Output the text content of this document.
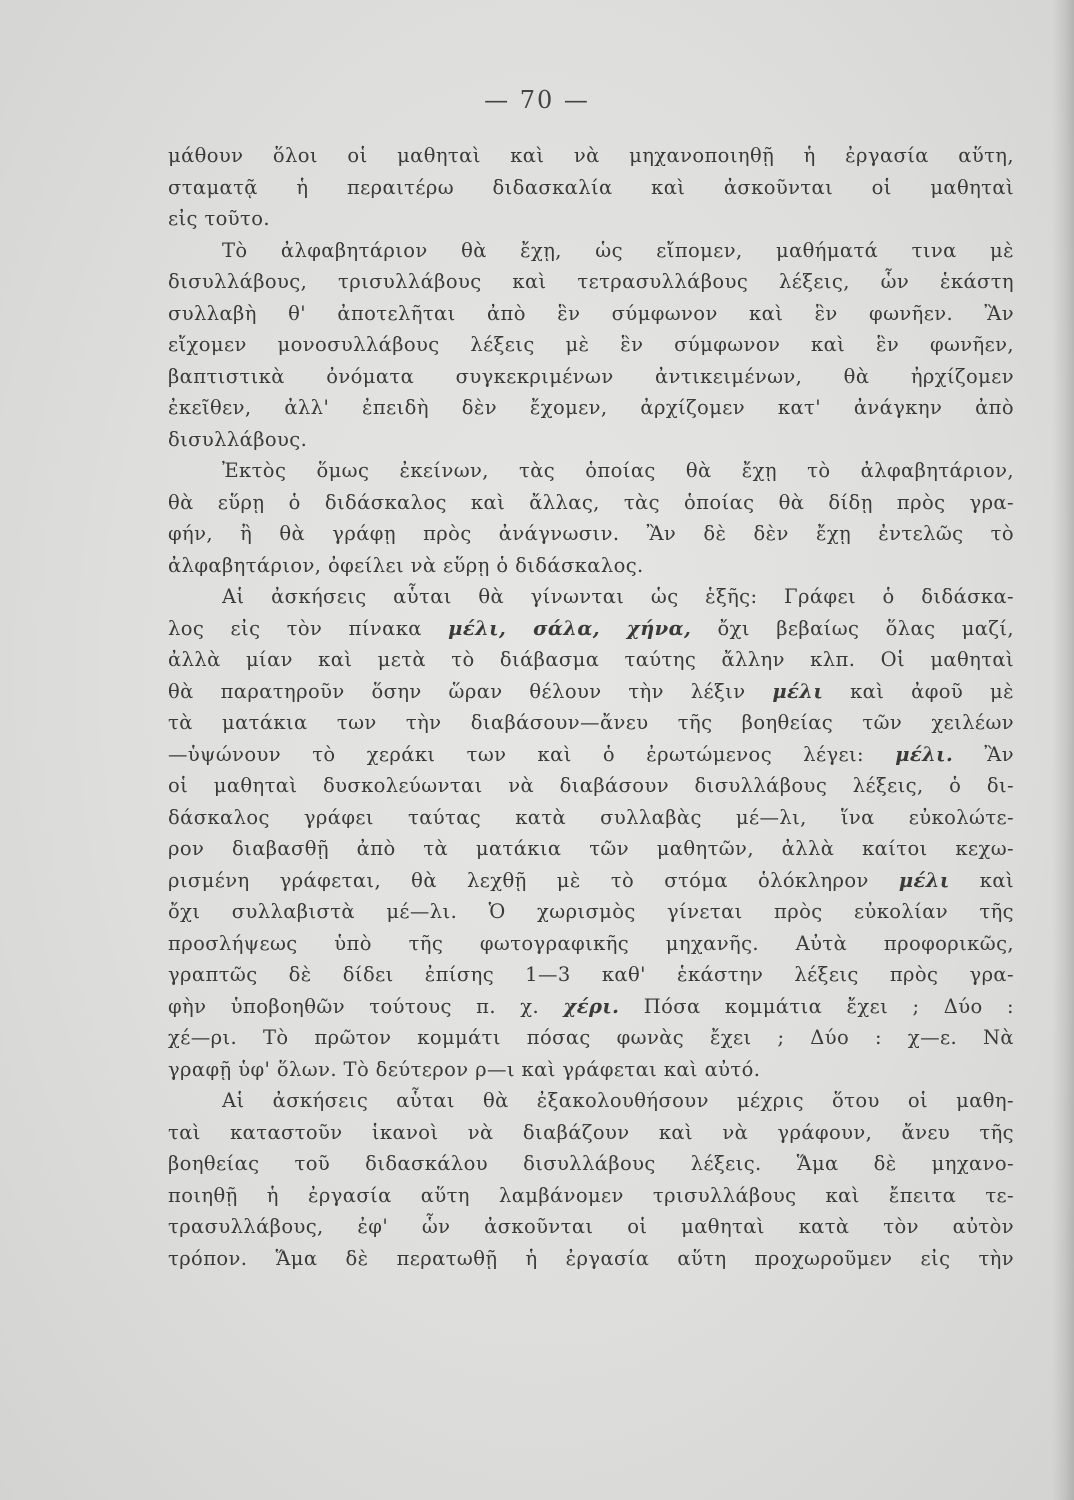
— 70 —
μάθουν ὅλοι οἱ μαθηταὶ καὶ νὰ μηχανοποιηθῇ ἡ ἐργασία αὕτη,
σταματᾷ ἡ περαιτέρω διδασκαλία καὶ ἀσκοῦνται οἱ μαθηταὶ
εἰς τοῦτο.
Τὸ ἀλφαβητάριον θὰ ἔχῃ, ὡς εἴπομεν, μαθήματά τινα μὲ
δισυλλάβους, τρισυλλάβους καὶ τετρασυλλάβους λέξεις, ὧν ἑκάστη
συλλαβὴ θ' ἀποτελῆται ἀπὸ ἓν σύμφωνον καὶ ἓν φωνῆεν. Ἂν
εἴχομεν μονοσυλλάβους λέξεις μὲ ἓν σύμφωνον καὶ ἓν φωνῆεν,
βαπτιστικὰ ὀνόματα συγκεκριμένων ἀντικειμένων, θὰ ἠρχίζομεν
ἐκεῖθεν, ἀλλ' ἐπειδὴ δὲν ἔχομεν, ἀρχίζομεν κατ' ἀνάγκην ἀπὸ
δισυλλάβους.
Ἐκτὸς ὅμως ἐκείνων, τὰς ὁποίας θὰ ἔχῃ τὸ ἀλφαβητάριον,
θὰ εὕρῃ ὁ διδάσκαλος καὶ ἄλλας, τὰς ὁποίας θὰ δίδῃ πρὸς γρα-
φήν, ἢ θὰ γράφῃ πρὸς ἀνάγνωσιν. Ἂν δὲ δὲν ἔχῃ ἐντελῶς τὸ
ἀλφαβητάριον, ὀφείλει νὰ εὕρῃ ὁ διδάσκαλος.
Αἱ ἀσκήσεις αὗται θὰ γίνωνται ὡς ἑξῆς: Γράφει ὁ διδάσκα-
λος εἰς τὸν πίνακα μέλι, σάλα, χήνα, ὄχι βεβαίως ὅλας μαζί,
ἀλλὰ μίαν καὶ μετὰ τὸ διάβασμα ταύτης ἄλλην κλπ. Οἱ μαθηταὶ
θὰ παρατηροῦν ὅσην ὥραν θέλουν τὴν λέξιν μέλι καὶ ἀφοῦ μὲ
τὰ ματάκια των τὴν διαβάσουν—ἄνευ τῆς βοηθείας τῶν χειλέων
—ὑψώνουν τὸ χεράκι των καὶ ὁ ἐρωτώμενος λέγει: μέλι. Ἂν
οἱ μαθηταὶ δυσκολεύωνται νὰ διαβάσουν δισυλλάβους λέξεις, ὁ δι-
δάσκαλος γράφει ταύτας κατὰ συλλαβὰς μέ—λι, ἵνα εὐκολώτε-
ρον διαβασθῇ ἀπὸ τὰ ματάκια τῶν μαθητῶν, ἀλλὰ καίτοι κεχω-
ρισμένη γράφεται, θὰ λεχθῇ μὲ τὸ στόμα ὁλόκληρον μέλι καὶ
ὄχι συλλαβιστὰ μέ—λι. Ὁ χωρισμὸς γίνεται πρὸς εὐκολίαν τῆς
προσλήψεως ὑπὸ τῆς φωτογραφικῆς μηχανῆς. Αὐτὰ προφορικῶς,
γραπτῶς δὲ δίδει ἐπίσης 1—3 καθ' ἑκάστην λέξεις πρὸς γρα-
φὴν ὑποβοηθῶν τούτους π. χ. χέρι. Πόσα κομμάτια ἔχει ; Δύο :
χέ—ρι. Τὸ πρῶτον κομμάτι πόσας φωνὰς ἔχει ; Δύο : χ—ε. Νὰ
γραφῇ ὑφ' ὅλων. Τὸ δεύτερον ρ—ι καὶ γράφεται καὶ αὐτό.
Αἱ ἀσκήσεις αὗται θὰ ἐξακολουθήσουν μέχρις ὅτου οἱ μαθη-
ταὶ καταστοῦν ἱκανοὶ νὰ διαβάζουν καὶ νὰ γράφουν, ἄνευ τῆς
βοηθείας τοῦ διδασκάλου δισυλλάβους λέξεις. Ἅμα δὲ μηχανο-
ποιηθῇ ἡ ἐργασία αὕτη λαμβάνομεν τρισυλλάβους καὶ ἔπειτα τε-
τρασυλλάβους, ἐφ' ὧν ἀσκοῦνται οἱ μαθηταὶ κατὰ τὸν αὐτὸν
τρόπον. Ἅμα δὲ περατωθῇ ἡ ἐργασία αὕτη προχωροῦμεν εἰς τὴν
